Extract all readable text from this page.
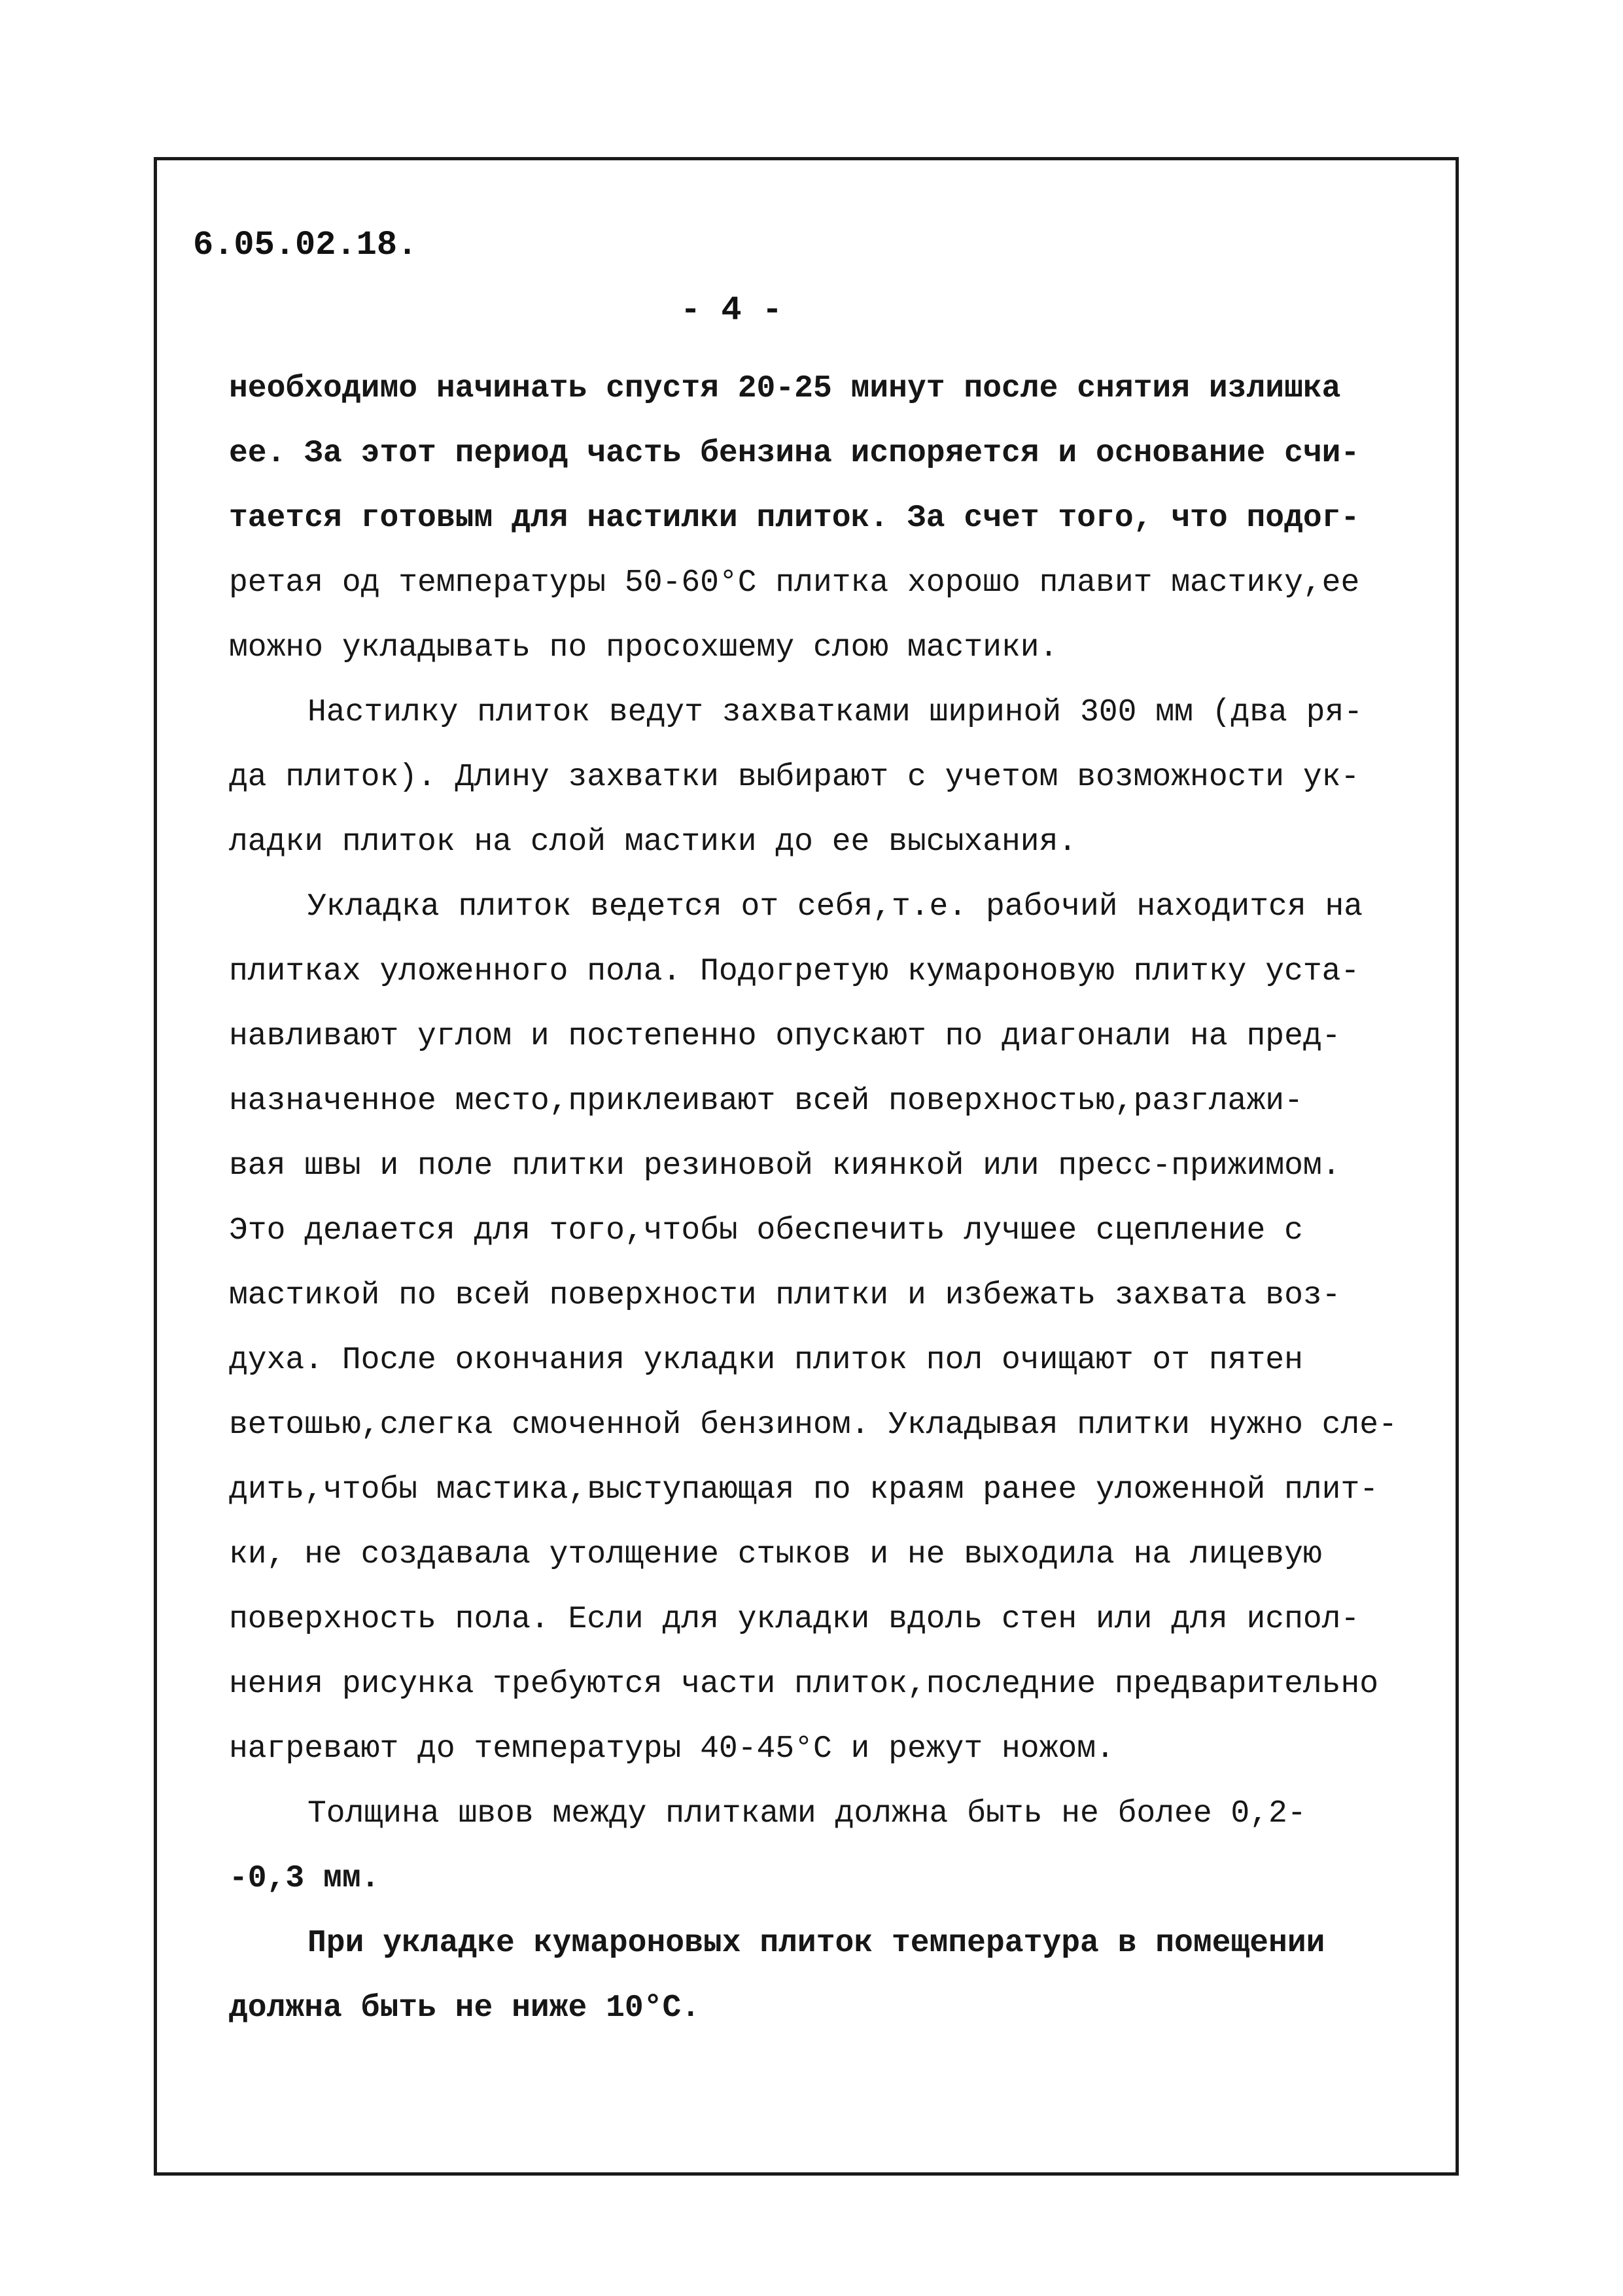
6.05.02.18.
- 4 -
необходимо начинать спустя 20-25 минут после снятия излишка
ее. За этот период часть бензина испоряется и основание счи-
тается готовым для настилки плиток. За счет того, что подог-
ретая од температуры 50-60°С плитка хорошо плавит мастику,ее
можно укладывать по просохшему слою мастики.
Настилку плиток ведут захватками шириной 300 мм (два ря-
да плиток). Длину захватки выбирают с учетом возможности ук-
ладки плиток на слой мастики до ее высыхания.
Укладка плиток ведется от себя,т.е. рабочий находится на
плитках уложенного пола. Подогретую кумароновую плитку уста-
навливают углом и постепенно опускают по диагонали на пред-
назначенное место,приклеивают всей поверхностью,разглажи-
вая швы и поле плитки резиновой киянкой или пресс-прижимом.
Это делается для того,чтобы обеспечить лучшее сцепление с
мастикой по всей поверхности плитки и избежать захвата воз-
духа. После окончания укладки плиток пол очищают от пятен
ветошью,слегка смоченной бензином. Укладывая плитки нужно сле-
дить,чтобы мастика,выступающая по краям ранее уложенной плит-
ки, не создавала утолщение стыков и не выходила на лицевую
поверхность пола. Если для укладки вдоль стен или для испол-
нения рисунка требуются части плиток,последние предварительно
нагревают до температуры 40-45°С и режут ножом.
Толщина швов между плитками должна быть не более 0,2-
-0,3 мм.
При укладке кумароновых плиток температура в помещении
должна быть не ниже 10°С.
